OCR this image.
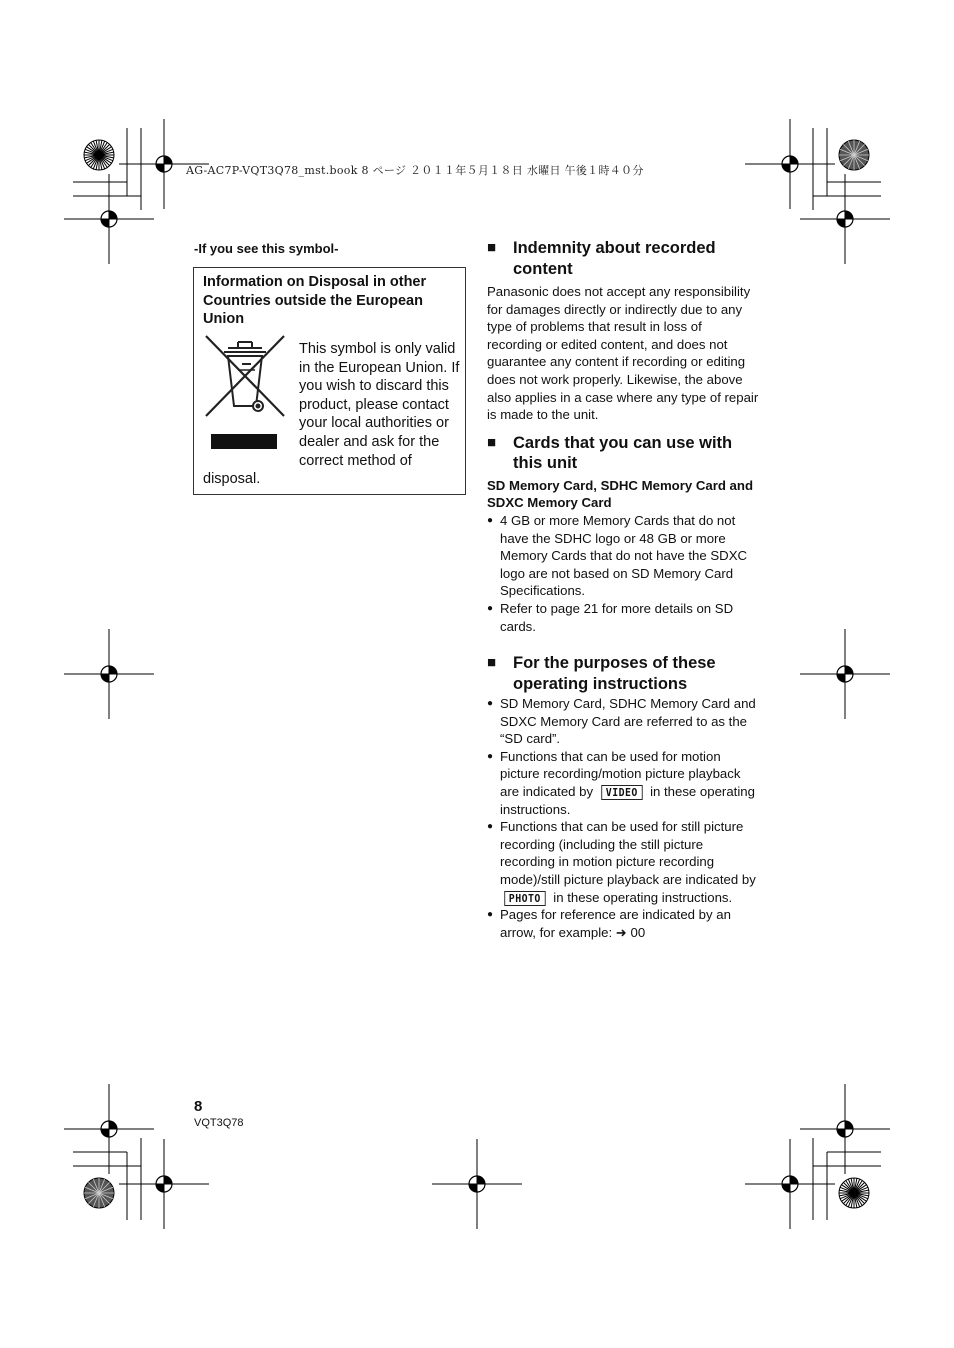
AG-AC7P-VQT3Q78_mst.book 8 ページ ２０１１年５月１８日 水曜日 午後１時４０分
-If you see this symbol-
Information on Disposal in other Countries outside the European Union
This symbol is only valid in the European Union. If you wish to discard this product, please contact your local authorities or dealer and ask for the correct method of disposal.
■ Indemnity about recorded content
Panasonic does not accept any responsibility for damages directly or indirectly due to any type of problems that result in loss of recording or edited content, and does not guarantee any content if recording or editing does not work properly. Likewise, the above also applies in a case where any type of repair is made to the unit.
■ Cards that you can use with this unit
SD Memory Card, SDHC Memory Card and SDXC Memory Card
● 4 GB or more Memory Cards that do not have the SDHC logo or 48 GB or more Memory Cards that do not have the SDXC logo are not based on SD Memory Card Specifications.
● Refer to page 21 for more details on SD cards.
■ For the purposes of these operating instructions
● SD Memory Card, SDHC Memory Card and SDXC Memory Card are referred to as the “SD card”.
● Functions that can be used for motion picture recording/motion picture playback are indicated by VIDEO in these operating instructions.
● Functions that can be used for still picture recording (including the still picture recording in motion picture recording mode)/still picture playback are indicated by PHOTO in these operating instructions.
● Pages for reference are indicated by an arrow, for example: ➜ 00
8
VQT3Q78
